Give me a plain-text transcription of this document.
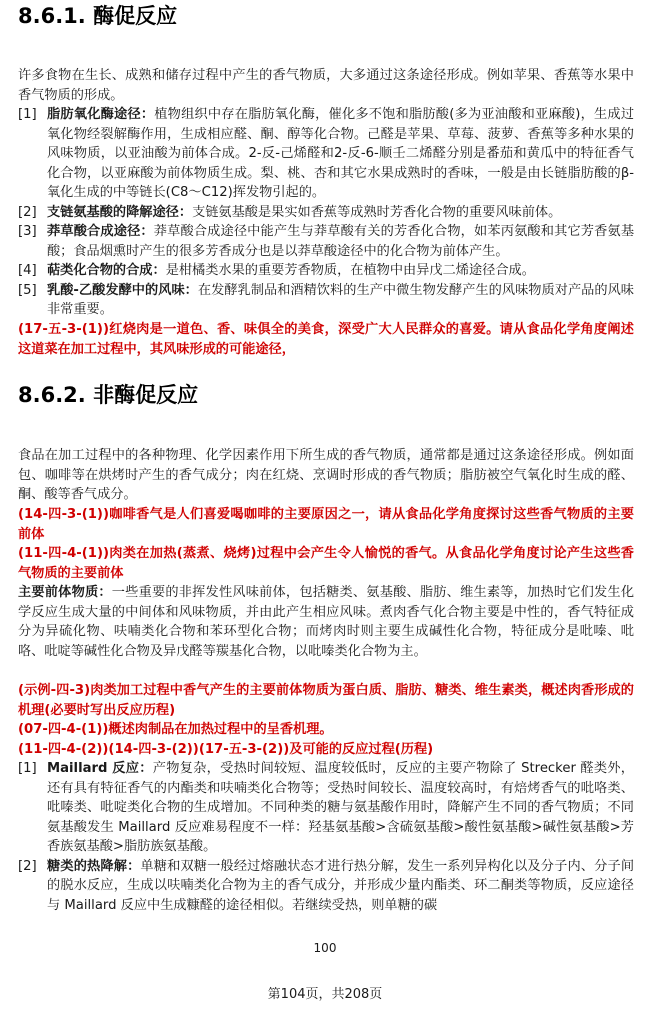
8.6.1. 酶促反应

许多食物在生长、成熟和储存过程中产生的香气物质，大多通过这条途径形成。例如苹果、香蕉等水果中香气物质的形成。

[1] 脂肪氧化酶途径：植物组织中存在脂肪氧化酶，催化多不饱和脂肪酸(多为亚油酸和亚麻酸)，生成过氧化物经裂解酶作用，生成相应醛、酮、醇等化合物。己醛是苹果、草莓、菠萝、香蕉等多种水果的风味物质，以亚油酸为前体合成。2-反-己烯醛和2-反-6-顺壬二烯醛分别是番茄和黄瓜中的特征香气化合物，以亚麻酸为前体物质生成。梨、桃、杏和其它水果成熟时的香味，一般是由长链脂肪酸的β-氧化生成的中等链长(C8～C12)挥发物引起的。
[2] 支链氨基酸的降解途径：支链氨基酸是果实如香蕉等成熟时芳香化合物的重要风味前体。
[3] 莽草酸合成途径：莽草酸合成途径中能产生与莽草酸有关的芳香化合物，如苯丙氨酸和其它芳香氨基酸；食品烟熏时产生的很多芳香成分也是以莽草酸途径中的化合物为前体产生。
[4] 萜类化合物的合成：是柑橘类水果的重要芳香物质，在植物中由异戊二烯途径合成。
[5] 乳酸-乙酸发酵中的风味：在发酵乳制品和酒精饮料的生产中微生物发酵产生的风味物质对产品的风味非常重要。

(17-五-3-(1))红烧肉是一道色、香、味俱全的美食，深受广大人民群众的喜爱。请从食品化学角度阐述这道菜在加工过程中，其风味形成的可能途径，

8.6.2. 非酶促反应

食品在加工过程中的各种物理、化学因素作用下所生成的香气物质，通常都是通过这条途径形成。例如面包、咖啡等在烘烤时产生的香气成分；肉在红烧、烹调时形成的香气物质；脂肪被空气氧化时生成的醛、酮、酸等香气成分。

(14-四-3-(1))咖啡香气是人们喜爱喝咖啡的主要原因之一，请从食品化学角度探讨这些香气物质的主要前体

(11-四-4-(1))肉类在加热(蒸煮、烧烤)过程中会产生令人愉悦的香气。从食品化学角度讨论产生这些香气物质的主要前体

主要前体物质：一些重要的非挥发性风味前体，包括糖类、氨基酸、脂肪、维生素等，加热时它们发生化学反应生成大量的中间体和风味物质，并由此产生相应风味。煮肉香气化合物主要是中性的，香气特征成分为异硫化物、呋喃类化合物和苯环型化合物；而烤肉时则主要生成碱性化合物，特征成分是吡嗪、吡咯、吡啶等碱性化合物及异戊醛等羰基化合物，以吡嗪类化合物为主。

(示例-四-3)肉类加工过程中香气产生的主要前体物质为蛋白质、脂肪、糖类、维生素类，概述肉香形成的机理(必要时写出反应历程)

(07-四-4-(1))概述肉制品在加热过程中的呈香机理。

(11-四-4-(2))(14-四-3-(2))(17-五-3-(2))及可能的反应过程(历程)

[1] Maillard 反应：产物复杂，受热时间较短、温度较低时，反应的主要产物除了 Strecker 醛类外，还有具有特征香气的内酯类和呋喃类化合物等；受热时间较长、温度较高时，有焙烤香气的吡咯类、吡嗪类、吡啶类化合物的生成增加。不同种类的糖与氨基酸作用时，降解产生不同的香气物质；不同氨基酸发生 Maillard 反应难易程度不一样：羟基氨基酸>含硫氨基酸>酸性氨基酸>碱性氨基酸>芳香族氨基酸>脂肪族氨基酸。
[2] 糖类的热降解：单糖和双糖一般经过熔融状态才进行热分解，发生一系列异构化以及分子内、分子间的脱水反应，生成以呋喃类化合物为主的香气成分，并形成少量内酯类、环二酮类等物质，反应途径与 Maillard 反应中生成糠醛的途径相似。若继续受热，则单糖的碳
100
第104页，共208页
